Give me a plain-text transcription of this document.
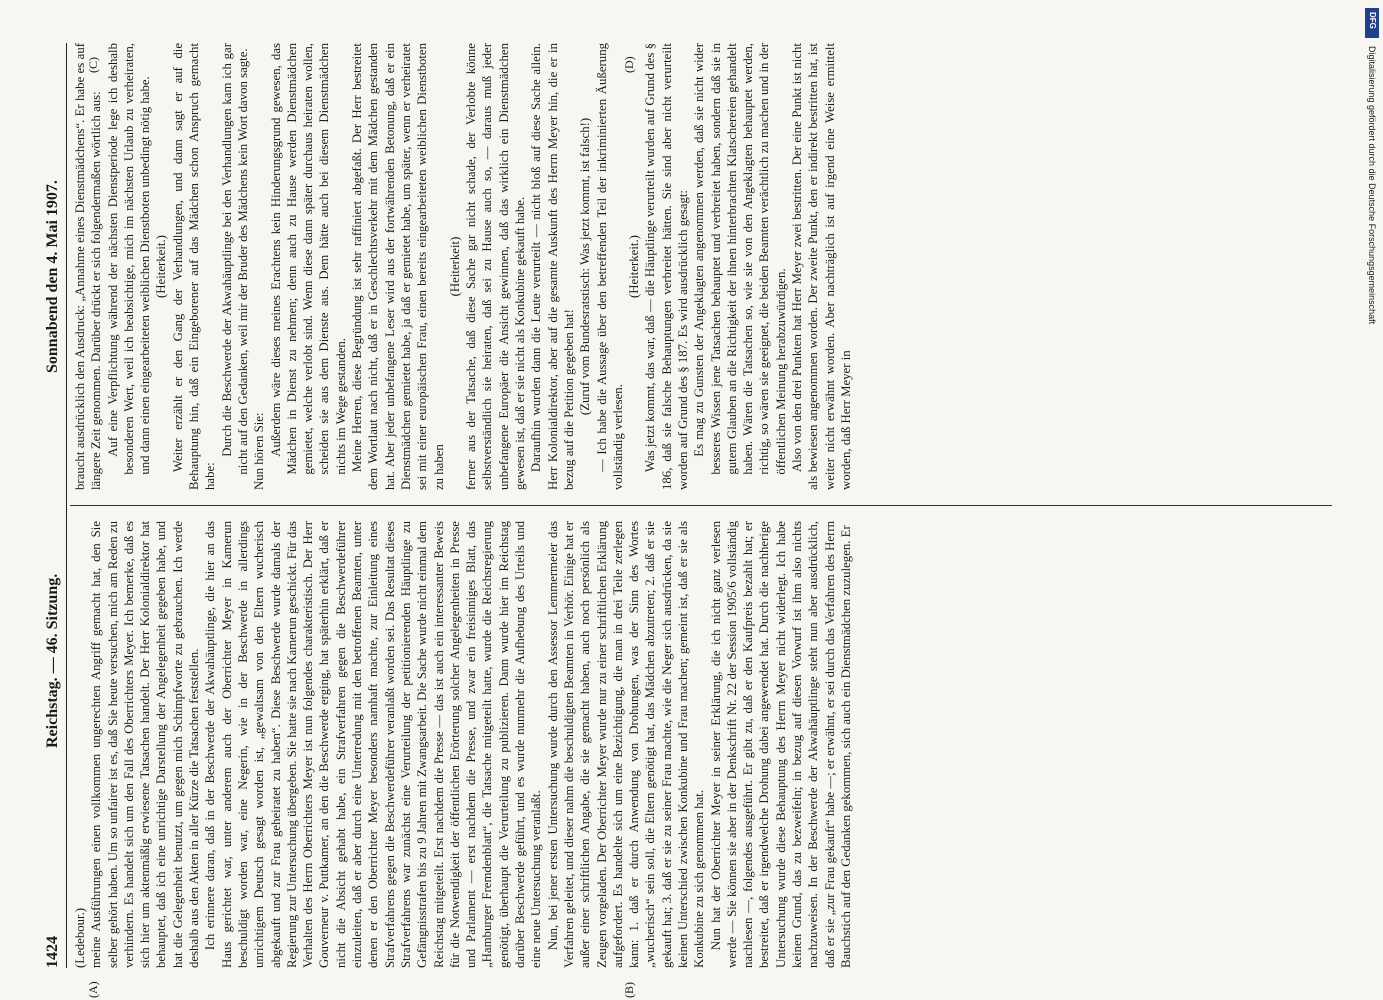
1424
Reichstag. — 46. Sitzung.
Sonnabend den 4. Mai 1907.

(Ledebour.) meine Ausführungen einen vollkommen ungerechten Angriff gemacht hat, den Sie selber gehört haben. Um so unfairer ist es, daß Sie heute versuchen, mich am Reden zu verhindern. Es handelt sich um den Fall des Oberrichters Meyer. Ich bemerke, daß es sich hier um aktenmäßig erwiesene Tatsachen handelt. Der Herr Kolonialdirektor hat behauptet, daß ich eine unrichtige Darstellung der Angelegenheit gegeben habe, und hat die Gelegenheit benutzt, um gegen mich Schimpfworte zu gebrauchen. Ich werde deshalb aus den Akten in aller Kürze die Tatsachen feststellen. Ich erinnere daran, daß in der Beschwerde der Akwahäuptlinge, die hier an das Haus gerichtet war, unter anderem auch der Oberrichter Meyer in Kamerun beschuldigt worden war, eine Negerin, wie in der Beschwerde in allerdings unrichtigem Deutsch gesagt worden ist, „gewaltsam von den Eltern wucherisch abgekauft und zur Frau geheiratet zu haben“. Diese Beschwerde wurde damals der Regierung zur Untersuchung übergeben. Sie hatte sie nach Kamerun geschickt. Für das Verhalten des Herrn Oberrichters Meyer ist nun folgendes charakteristisch. Der Herr Gouverneur v. Puttkamer, an den die Beschwerde erging, hat späterhin erklärt, daß er nicht die Absicht gehabt habe, ein Strafverfahren gegen die Beschwerdeführer einzuleiten, daß er aber durch eine Unterredung mit den betroffenen Beamten, unter denen er den Oberrichter Meyer besonders namhaft machte, zur Einleitung eines Strafverfahrens gegen die Beschwerdeführer veranlaßt worden sei. Das Resultat dieses Strafverfahrens war zunächst eine Verurteilung der petitionierenden Häuptlinge zu Gefängnisstrafen bis zu 9 Jahren mit Zwangsarbeit. Die Sache wurde nicht einmal dem Reichstag mitgeteilt. Erst nachdem die Presse — das ist auch ein interessanter Beweis für die Notwendigkeit der öffentlichen Erörterung solcher Angelegenheiten in Presse und Parlament — erst nachdem die Presse, und zwar ein freisinniges Blatt, das „Hamburger Fremdenblatt“, die Tatsache mitgeteilt hatte, wurde die Reichsregierung genötigt, überhaupt die Verurteilung zu publizieren. Dann wurde hier im Reichstag darüber Beschwerde geführt, und es wurde nunmehr die Aufhebung des Urteils und eine neue Untersuchung veranlaßt. Nun, bei jener ersten Untersuchung wurde durch den Assessor Lemmermeier das Verfahren geleitet, und dieser nahm die beschuldigten Beamten in Verhör. Einige hat er außer einer schriftlichen Angabe, die sie gemacht haben, auch noch persönlich als Zeugen vorgeladen. Der Oberrichter Meyer wurde nur zu einer schriftlichen Erklärung aufgefordert. Es handelte sich um eine Bezichtigung, die man in drei Teile zerlegen kann: 1. daß er durch Anwendung von Drohungen, was der Sinn des Wortes „wucherisch“ sein soll, die Eltern genötigt hat, das Mädchen abzutreten; 2. daß er sie gekauft hat; 3. daß er sie zu seiner Frau machte, wie die Neger sich ausdrücken, da sie keinen Unterschied zwischen Konkubine und Frau machen; gemeint ist, daß er sie als Konkubine zu sich genommen hat. Nun hat der Oberrichter Meyer in seiner Erklärung, die ich nicht ganz verlesen werde — Sie können sie aber in der Denkschrift Nr. 22 der Session 1905/6 vollständig nachlesen —, folgendes ausgeführt. Er gibt zu, daß er den Kaufpreis bezahlt hat; er bestreitet, daß er irgendwelche Drohung dabei angewendet hat. Durch die nachherige Untersuchung wurde diese Behauptung des Herrn Meyer nicht widerlegt. Ich habe keinen Grund, das zu bezweifeln; in bezug auf diesen Vorwurf ist ihm also nichts nachzuweisen. In der Beschwerde der Akwahäuptlinge steht nun aber ausdrücklich, daß er sie „zur Frau gekauft“ habe —; er erwähnt, er sei durch das Verfahren des Herrn Bauchstich auf den Gedanken gekommen, sich auch ein Dienstmädchen zuzulegen. Er

braucht ausdrücklich den Ausdruck: „Annahme eines Dienstmädchens“. Er habe es auf längere Zeit genommen. Darüber drückt er sich folgendermaßen wörtlich aus: Auf eine Verpflichtung während der nächsten Dienstperiode lege ich deshalb besonderen Wert, weil ich beabsichtige, mich im nächsten Urlaub zu verheiraten, und dann einen eingearbeiteten weiblichen Dienstboten unbedingt nötig habe. (Heiterkeit.) Weiter erzählt er den Gang der Verhandlungen, und dann sagt er auf die Behauptung hin, daß ein Eingeborener auf das Mädchen schon Anspruch gemacht habe:

Durch die Beschwerde der Akwahäuptlinge bei den Verhandlungen kam ich gar nicht auf den Gedanken, weil mir der Bruder des Mädchens kein Wort davon sagte. Nun hören Sie: Außerdem wäre dieses meines Erachtens kein Hinderungsgrund gewesen, das Mädchen in Dienst zu nehmen; denn auch zu Hause werden Dienstmädchen gemietet, welche verlobt sind. Wenn diese dann später durchaus heiraten wollen, scheiden sie aus dem Dienste aus. Dem hätte auch bei diesem Dienstmädchen nichts im Wege gestanden. Meine Herren, diese Begründung ist sehr raffiniert abgefaßt. Der Herr bestreitet dem Wortlaut nach nicht, daß er in Geschlechtsverkehr mit dem Mädchen gestanden hat. Aber jeder unbefangene Leser wird aus der fortwährenden Betonung, daß er ein Dienstmädchen gemietet habe, ja daß er gemietet habe, um später, wenn er verheiratet sei mit einer europäischen Frau, einen bereits eingearbeiteten weiblichen Dienstboten zu haben

(Heiterkeit) ferner aus der Tatsache, daß diese Sache gar nicht schade, der Verlobte könne selbstverständlich sie heiraten, daß sei zu Hause auch so, — daraus muß jeder unbefangene Europäer die Ansicht gewinnen, daß das wirklich ein Dienstmädchen gewesen ist, daß er sie nicht als Konkubine gekauft habe. Daraufhin wurden dann die Leute verurteilt — nicht bloß auf diese Sache allein. Herr Kolonialdirektor, aber auf die gesamte Auskunft des Herrn Meyer hin, die er in bezug auf die Petition gegeben hat! (Zuruf vom Bundesratstisch: Was jetzt kommt, ist falsch!) — Ich habe die Aussage über den betreffenden Teil der inkriminierten Äußerung vollständig verlesen.

(Heiterkeit.) Was jetzt kommt, das war, daß — die Häuptlinge verurteilt wurden auf Grund des § 186, daß sie falsche Behauptungen verbreitet hätten. Sie sind aber nicht verurteilt worden auf Grund des § 187. Es wird ausdrücklich gesagt: Es mag zu Gunsten der Angeklagten angenommen werden, daß sie nicht wider besseres Wissen jene Tatsachen behauptet und verbreitet haben, sondern daß sie in gutem Glauben an die Richtigkeit der ihnen hinterbrachten Klatschereien gehandelt haben. Wären die Tatsachen so, wie sie von den Angeklagten behauptet werden, richtig, so wären sie geeignet, die beiden Beamten verächtlich zu machen und in der öffentlichen Meinung herabzuwürdigen. Also von den drei Punkten hat Herr Meyer zwei bestritten. Der eine Punkt ist nicht als bewiesen angenommen worden. Der zweite Punkt, den er indirekt bestritten hat, ist weiter nicht erwähnt worden. Aber nachträglich ist auf irgend eine Weise ermittelt worden, daß Herr Meyer in

(A)	(B)
(C)	(D)
DFG
Digitalisierung gefördert durch die Deutsche Forschungsgemeinschaft
